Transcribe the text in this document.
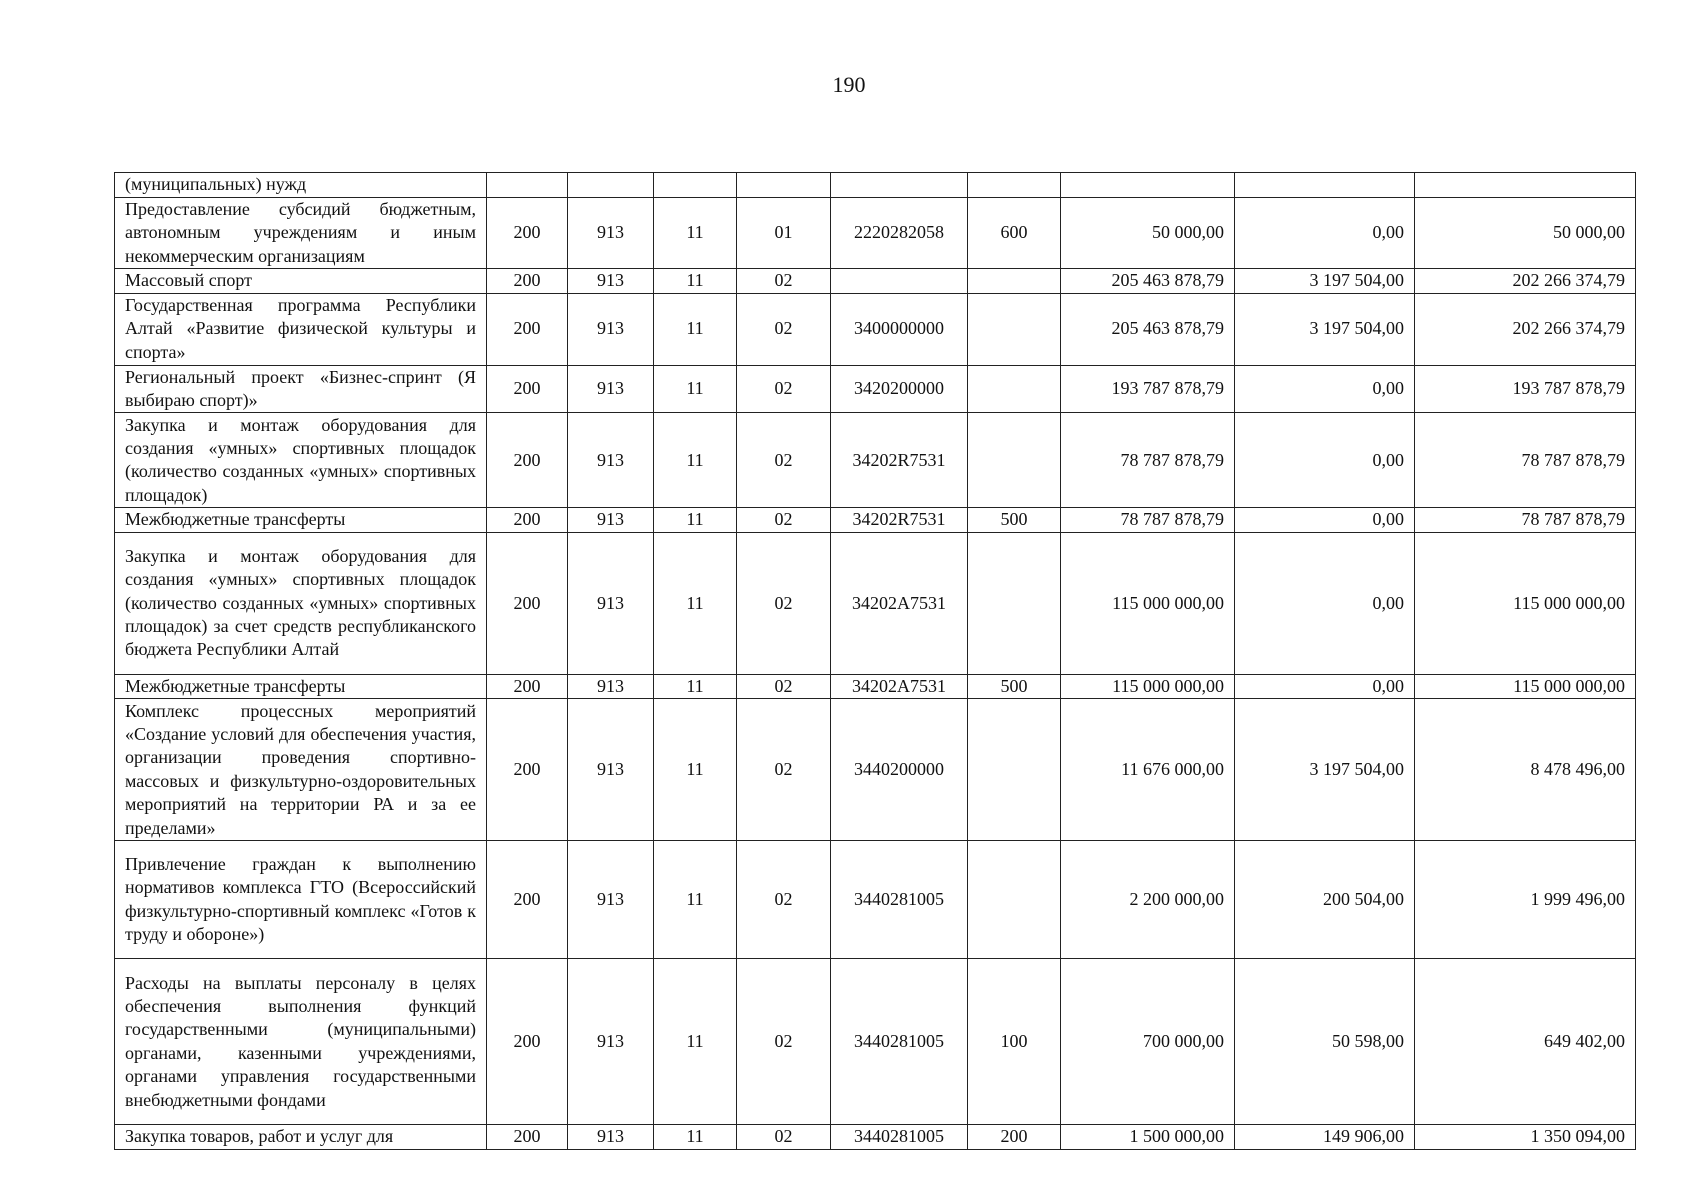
190
(муниципальных) нужд									
Предоставление субсидий бюджетным, автономным учреждениям и иным некоммерческим организациям	200	913	11	01	2220282058	600	50 000,00	0,00	50 000,00
Массовый спорт	200	913	11	02			205 463 878,79	3 197 504,00	202 266 374,79
Государственная программа Республики Алтай «Развитие физической культуры и спорта»	200	913	11	02	3400000000		205 463 878,79	3 197 504,00	202 266 374,79
Региональный проект «Бизнес-спринт (Я выбираю спорт)»	200	913	11	02	3420200000		193 787 878,79	0,00	193 787 878,79
Закупка и монтаж оборудования для создания «умных» спортивных площадок (количество созданных «умных» спортивных площадок)	200	913	11	02	34202R7531		78 787 878,79	0,00	78 787 878,79
Межбюджетные трансферты	200	913	11	02	34202R7531	500	78 787 878,79	0,00	78 787 878,79
Закупка и монтаж оборудования для создания «умных» спортивных площадок (количество созданных «умных» спортивных площадок) за счет средств республиканского бюджета Республики Алтай	200	913	11	02	34202A7531		115 000 000,00	0,00	115 000 000,00
Межбюджетные трансферты	200	913	11	02	34202A7531	500	115 000 000,00	0,00	115 000 000,00
Комплекс процессных мероприятий «Создание условий для обеспечения участия, организации проведения спортивно-массовых и физкультурно-оздоровительных мероприятий на территории РА и за ее пределами»	200	913	11	02	3440200000		11 676 000,00	3 197 504,00	8 478 496,00
Привлечение граждан к выполнению нормативов комплекса ГТО (Всероссийский физкультурно-спортивный комплекс «Готов к труду и обороне»)	200	913	11	02	3440281005		2 200 000,00	200 504,00	1 999 496,00
Расходы на выплаты персоналу в целях обеспечения выполнения функций государственными (муниципальными) органами, казенными учреждениями, органами управления государственными внебюджетными фондами	200	913	11	02	3440281005	100	700 000,00	50 598,00	649 402,00
Закупка товаров, работ и услуг для	200	913	11	02	3440281005	200	1 500 000,00	149 906,00	1 350 094,00
